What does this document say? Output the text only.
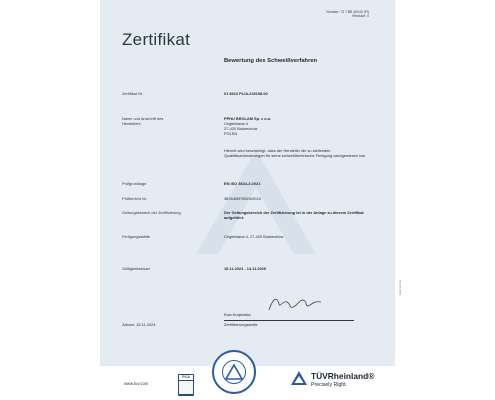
Number: 73 7 BB 40040 (FI)
Revision: 0
Zertifikat
Bewertung des Schweißverfahren
Zertifikat Nr.	01 8610 PL/A-240198.00
Name und Anschrift des
Herstellers
PPHU BROLAM Sp. z o.o.
Cegielniana 4
27-420 Bodzechów
POLEN
Hiermit wird bescheinigt, dass der Hersteller die zu stellenden Qualitätsanforderungen für seine schweißtechnische Fertigung nachgewiesen hat.
Prüfgrundlage	EN ISO 3834-2:2021
Prüfbericht Nr.	3834/84978924/2024
Geltungsbereich der Zertifizierung	Der Geltungsbereich der Zertifizierung ist in der Anlage zu diesem Zertifikat aufgeführt.
Fertigungsstätte	Cegielniana 4, 27-420 Bodzechów
Gültigkeitsdauer	15.11.2024 - 14.11.2029
Ewa Krajewska
Zertifizierungsstelle
Zabrze, 15.11.2024
www.tuv.com
www.tuv.com
PCA	TÜVRheinland®
Precisely Right.
